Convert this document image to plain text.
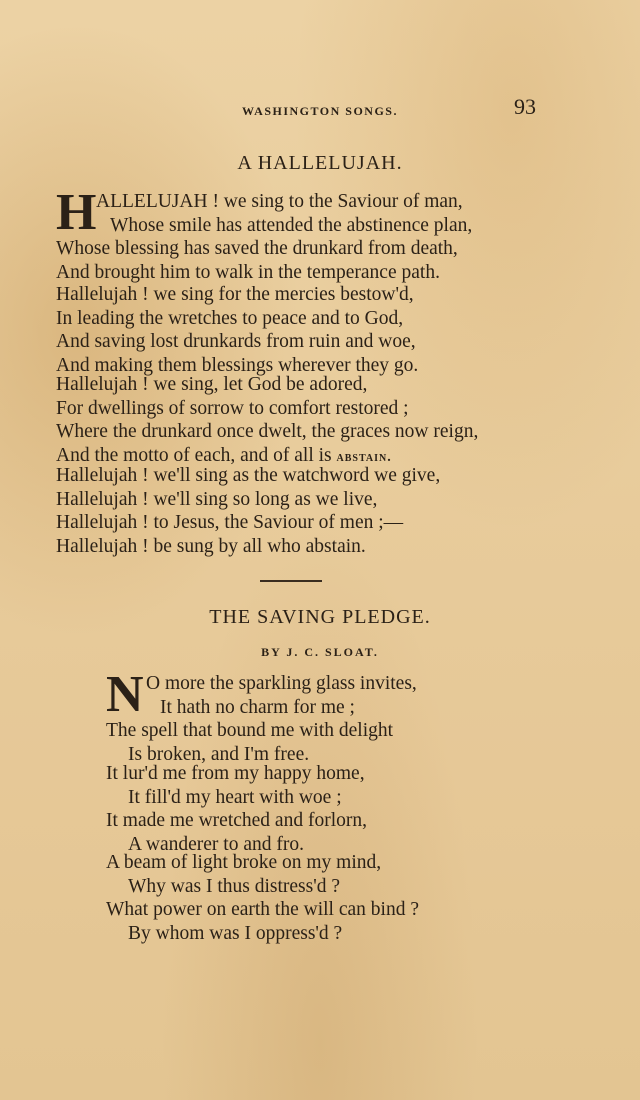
WASHINGTON SONGS.	93
A HALLELUJAH.
H ALLELUJAH ! we sing to the Saviour of man,
Whose smile has attended the abstinence plan,
Whose blessing has saved the drunkard from death,
And brought him to walk in the temperance path.
Hallelujah ! we sing for the mercies bestow'd,
In leading the wretches to peace and to God,
And saving lost drunkards from ruin and woe,
And making them blessings wherever they go.
Hallelujah ! we sing, let God be adored,
For dwellings of sorrow to comfort restored ;
Where the drunkard once dwelt, the graces now reign,
And the motto of each, and of all is abstain.
Hallelujah ! we'll sing as the watchword we give,
Hallelujah ! we'll sing so long as we live,
Hallelujah ! to Jesus, the Saviour of men ;—
Hallelujah ! be sung by all who abstain.
THE SAVING PLEDGE.
BY J. C. SLOAT.
N O more the sparkling glass invites,
It hath no charm for me ;
The spell that bound me with delight
Is broken, and I'm free.
It lur'd me from my happy home,
It fill'd my heart with woe ;
It made me wretched and forlorn,
A wanderer to and fro.
A beam of light broke on my mind,
Why was I thus distress'd ?
What power on earth the will can bind ?
By whom was I oppress'd ?
